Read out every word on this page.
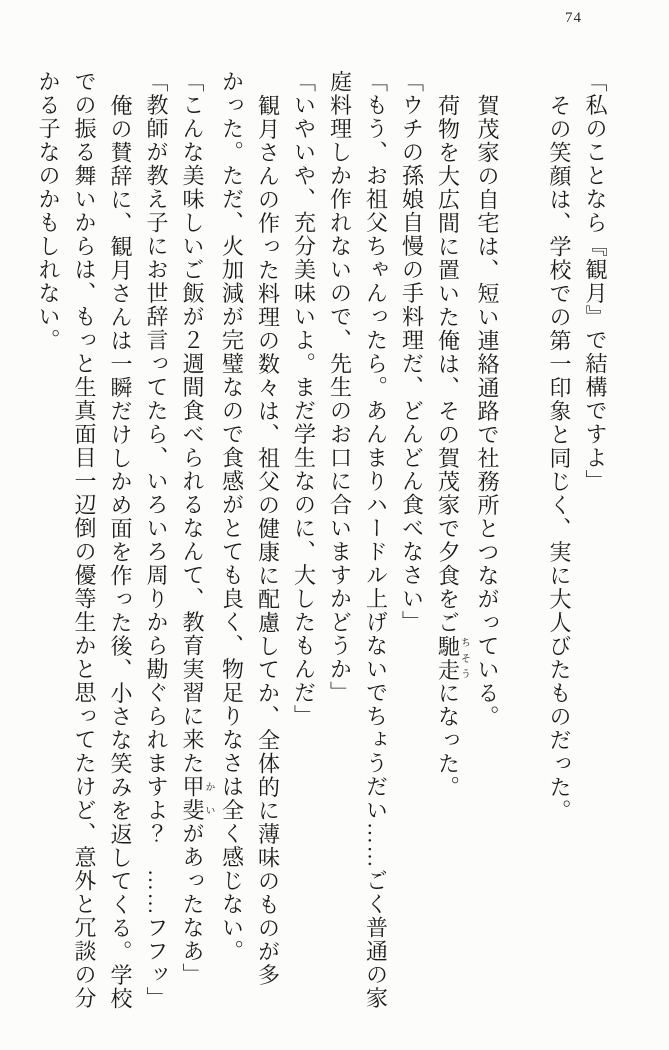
74
「私のことなら『観月』で結構ですよ」
その笑顔は、学校での第一印象と同じく、実に大人びたものだった。

賀茂家の自宅は、短い連絡通路で社務所とつながっている。
荷物を大広間に置いた俺は、その賀茂家で夕食をご馳走ちそうになった。
「ウチの孫娘自慢の手料理だ、どんどん食べなさい」
「もう、お祖父ちゃんったら。あんまりハードル上げないでちょうだい……ごく普通の家
庭料理しか作れないので、先生のお口に合いますかどうか」
「いやいや、充分美味いよ。まだ学生なのに、大したもんだ」
観月さんの作った料理の数々は、祖父の健康に配慮してか、全体的に薄味のものが多
かった。ただ、火加減が完璧なので食感がとても良く、物足りなさは全く感じない。
「こんな美味しいご飯が２週間食べられるなんて、教育実習に来た甲斐かいがあったなあ」
「教師が教え子にお世辞言ってたら、いろいろ周りから勘ぐられますよ？　……フフッ」
俺の賛辞に、観月さんは一瞬だけしかめ面を作った後、小さな笑みを返してくる。学校
での振る舞いからは、もっと生真面目一辺倒の優等生かと思ってたけど、意外と冗談の分
かる子なのかもしれない。
